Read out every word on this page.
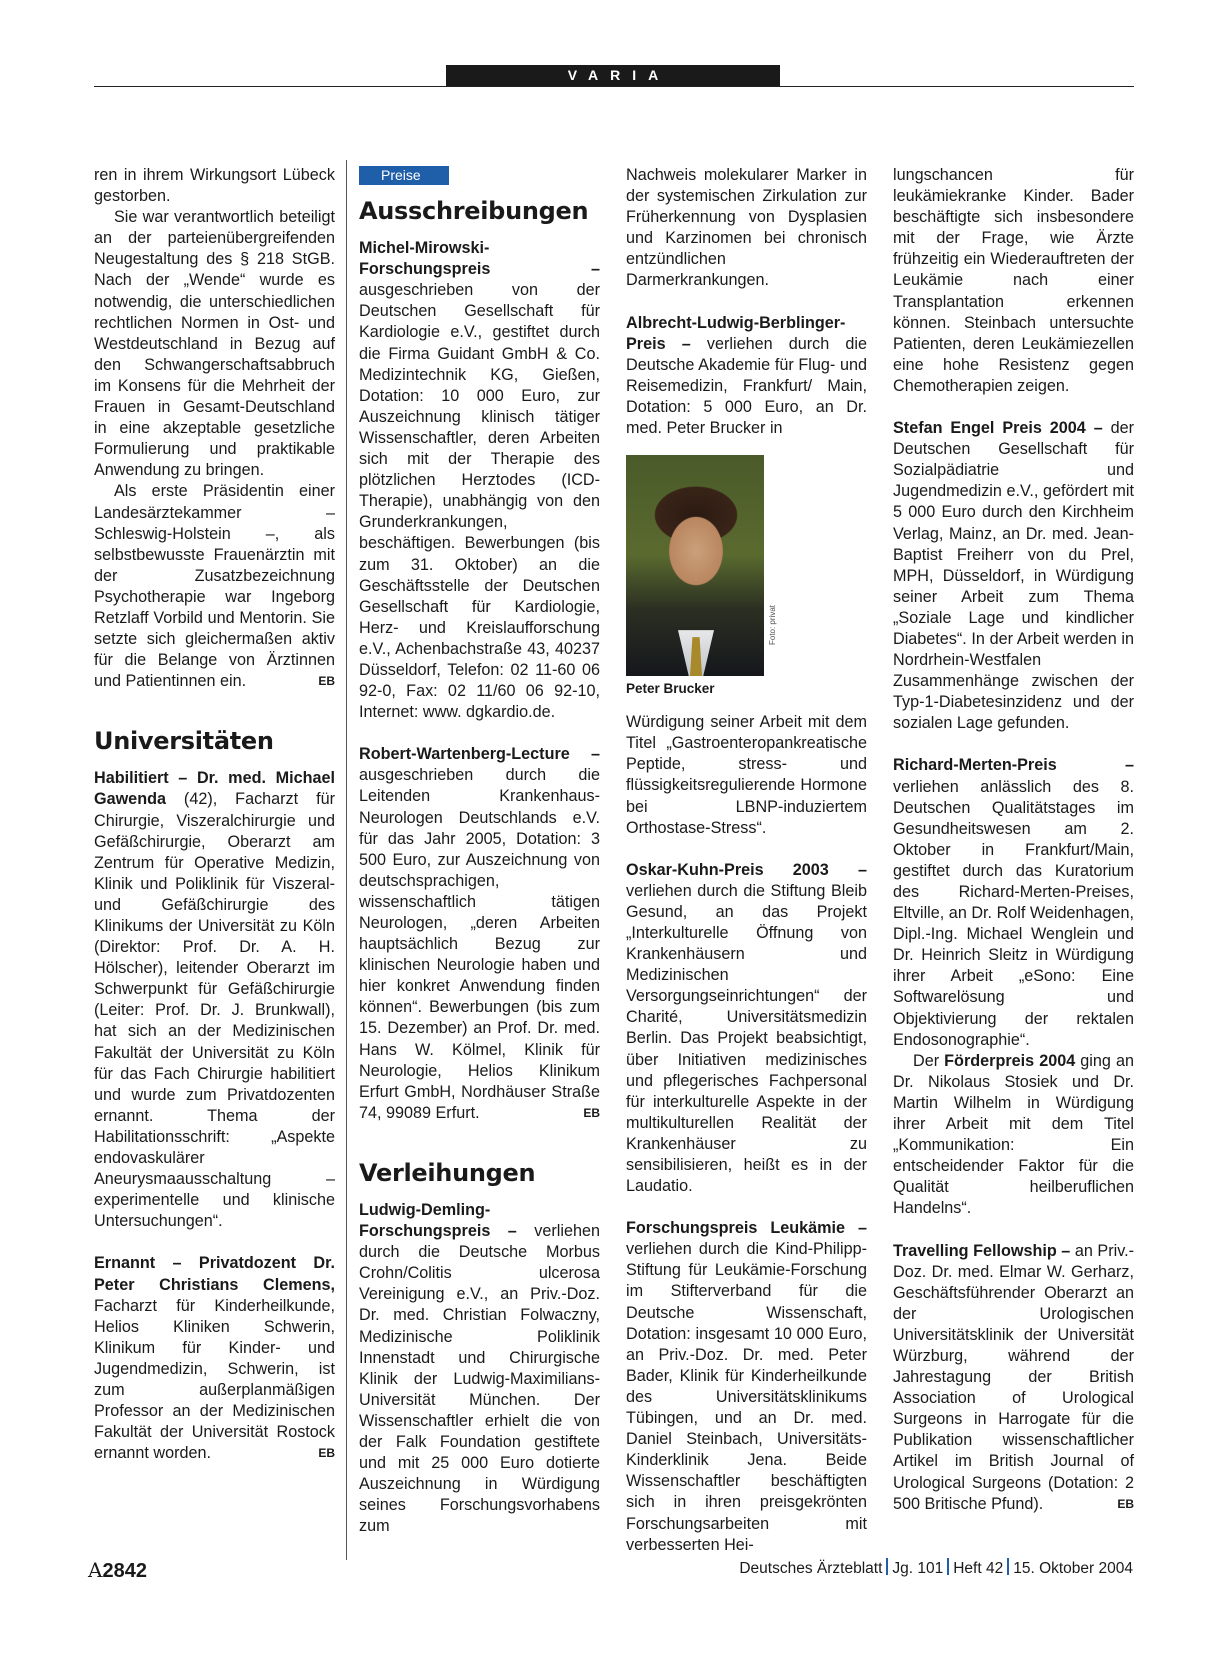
VARIA

ren in ihrem Wirkungsort Lübeck gestorben.

Sie war verantwortlich beteiligt an der parteienübergreifenden Neugestaltung des § 218 StGB. Nach der „Wende“ wurde es notwendig, die unterschiedlichen rechtlichen Normen in Ost- und Westdeutschland in Bezug auf den Schwangerschaftsabbruch im Konsens für die Mehrheit der Frauen in Gesamt-Deutschland in eine akzeptable gesetzliche Formulierung und praktikable Anwendung zu bringen.

Als erste Präsidentin einer Landesärztekammer – Schleswig-Holstein –, als selbstbewusste Frauenärztin mit der Zusatzbezeichnung Psychotherapie war Ingeborg Retzlaff Vorbild und Mentorin. Sie setzte sich gleichermaßen aktiv für die Belange von Ärztinnen und Patientinnen ein.	EB

Universitäten

Habilitiert – Dr. med. Michael Gawenda (42), Facharzt für Chirurgie, Viszeralchirurgie und Gefäßchirurgie, Oberarzt am Zentrum für Operative Medizin, Klinik und Poliklinik für Viszeral- und Gefäßchirurgie des Klinikums der Universität zu Köln (Direktor: Prof. Dr. A. H. Hölscher), leitender Oberarzt im Schwerpunkt für Gefäßchirurgie (Leiter: Prof. Dr. J. Brunkwall), hat sich an der Medizinischen Fakultät der Universität zu Köln für das Fach Chirurgie habilitiert und wurde zum Privatdozenten ernannt. Thema der Habilitationsschrift: „Aspekte endovaskulärer Aneurysmaausschaltung – experimentelle und klinische Untersuchungen“.

Ernannt – Privatdozent Dr. Peter Christians Clemens, Facharzt für Kinderheilkunde, Helios Kliniken Schwerin, Klinikum für Kinder- und Jugendmedizin, Schwerin, ist zum außerplanmäßigen Professor an der Medizinischen Fakultät der Universität Rostock ernannt worden.	EB

Preise
Ausschreibungen

Michel-Mirowski-Forschungspreis – ausgeschrieben von der Deutschen Gesellschaft für Kardiologie e.V., gestiftet durch die Firma Guidant GmbH & Co. Medizintechnik KG, Gießen, Dotation: 10 000 Euro, zur Auszeichnung klinisch tätiger Wissenschaftler, deren Arbeiten sich mit der Therapie des plötzlichen Herztodes (ICD-Therapie), unabhängig von den Grunderkrankungen, beschäftigen. Bewerbungen (bis zum 31. Oktober) an die Geschäftsstelle der Deutschen Gesellschaft für Kardiologie, Herz- und Kreislaufforschung e.V., Achenbachstraße 43, 40237 Düsseldorf, Telefon: 02 11-60 06 92-0, Fax: 02 11/60 06 92-10, Internet: www. dgkardio.de.

Robert-Wartenberg-Lecture – ausgeschrieben durch die Leitenden Krankenhaus-Neurologen Deutschlands e.V. für das Jahr 2005, Dotation: 3 500 Euro, zur Auszeichnung von deutschsprachigen, wissenschaftlich tätigen Neurologen, „deren Arbeiten hauptsächlich Bezug zur klinischen Neurologie haben und hier konkret Anwendung finden können“. Bewerbungen (bis zum 15. Dezember) an Prof. Dr. med. Hans W. Kölmel, Klinik für Neurologie, Helios Klinikum Erfurt GmbH, Nordhäuser Straße 74, 99089 Erfurt.	EB

Verleihungen

Ludwig-Demling-Forschungspreis – verliehen durch die Deutsche Morbus Crohn/Colitis ulcerosa Vereinigung e.V., an Priv.-Doz. Dr. med. Christian Folwaczny, Medizinische Poliklinik Innenstadt und Chirurgische Klinik der Ludwig-Maximilians-Universität München. Der Wissenschaftler erhielt die von der Falk Foundation gestiftete und mit 25 000 Euro dotierte Auszeichnung in Würdigung seines Forschungsvorhabens zum

Nachweis molekularer Marker in der systemischen Zirkulation zur Früherkennung von Dysplasien und Karzinomen bei chronisch entzündlichen Darmerkrankungen.

Albrecht-Ludwig-Berblinger-Preis – verliehen durch die Deutsche Akademie für Flug- und Reisemedizin, Frankfurt/ Main, Dotation: 5 000 Euro, an Dr. med. Peter Brucker in

Foto: privat
Peter Brucker

Würdigung seiner Arbeit mit dem Titel „Gastroenteropankreatische Peptide, stress- und flüssigkeitsregulierende Hormone bei LBNP-induziertem Orthostase-Stress“.

Oskar-Kuhn-Preis 2003 – verliehen durch die Stiftung Bleib Gesund, an das Projekt „Interkulturelle Öffnung von Krankenhäusern und Medizinischen Versorgungseinrichtungen“ der Charité, Universitätsmedizin Berlin. Das Projekt beabsichtigt, über Initiativen medizinisches und pflegerisches Fachpersonal für interkulturelle Aspekte in der multikulturellen Realität der Krankenhäuser zu sensibilisieren, heißt es in der Laudatio.

Forschungspreis Leukämie – verliehen durch die Kind-Philipp-Stiftung für Leukämie-Forschung im Stifterverband für die Deutsche Wissenschaft, Dotation: insgesamt 10 000 Euro, an Priv.-Doz. Dr. med. Peter Bader, Klinik für Kinderheilkunde des Universitätsklinikums Tübingen, und an Dr. med. Daniel Steinbach, Universitäts-Kinderklinik Jena. Beide Wissenschaftler beschäftigten sich in ihren preisgekrönten Forschungsarbeiten mit verbesserten Hei-

lungschancen für leukämiekranke Kinder. Bader beschäftigte sich insbesondere mit der Frage, wie Ärzte frühzeitig ein Wiederauftreten der Leukämie nach einer Transplantation erkennen können. Steinbach untersuchte Patienten, deren Leukämiezellen eine hohe Resistenz gegen Chemotherapien zeigen.

Stefan Engel Preis 2004 – der Deutschen Gesellschaft für Sozialpädiatrie und Jugendmedizin e.V., gefördert mit 5 000 Euro durch den Kirchheim Verlag, Mainz, an Dr. med. Jean-Baptist Freiherr von du Prel, MPH, Düsseldorf, in Würdigung seiner Arbeit zum Thema „Soziale Lage und kindlicher Diabetes“. In der Arbeit werden in Nordrhein-Westfalen Zusammenhänge zwischen der Typ-1-Diabetesinzidenz und der sozialen Lage gefunden.

Richard-Merten-Preis – verliehen anlässlich des 8. Deutschen Qualitätstages im Gesundheitswesen am 2. Oktober in Frankfurt/Main, gestiftet durch das Kuratorium des Richard-Merten-Preises, Eltville, an Dr. Rolf Weidenhagen, Dipl.-Ing. Michael Wenglein und Dr. Heinrich Sleitz in Würdigung ihrer Arbeit „eSono: Eine Softwarelösung und Objektivierung der rektalen Endosonographie“.

Der Förderpreis 2004 ging an Dr. Nikolaus Stosiek und Dr. Martin Wilhelm in Würdigung ihrer Arbeit mit dem Titel „Kommunikation: Ein entscheidender Faktor für die Qualität heilberuflichen Handelns“.

Travelling Fellowship – an Priv.-Doz. Dr. med. Elmar W. Gerharz, Geschäftsführender Oberarzt an der Urologischen Universitätsklinik der Universität Würzburg, während der Jahrestagung der British Association of Urological Surgeons in Harrogate für die Publikation wissenschaftlicher Artikel im British Journal of Urological Surgeons (Dotation: 2 500 Britische Pfund).	EB

A2842	Deutsches Ärzteblatt Jg. 101 Heft 42 15. Oktober 2004
